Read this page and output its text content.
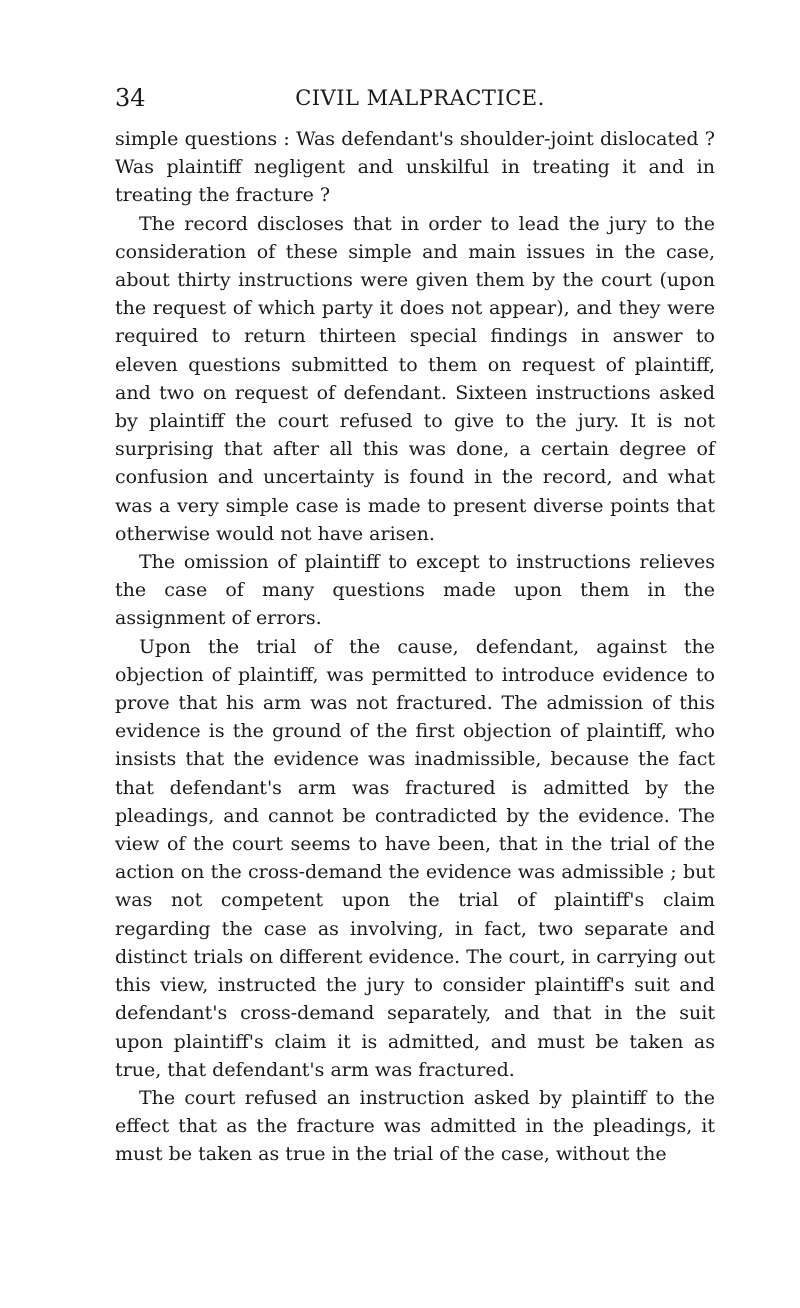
34	CIVIL MALPRACTICE.

simple questions : Was defendant's shoulder-joint dislocated ? Was plaintiff negligent and unskilful in treating it and in treating the fracture ?

The record discloses that in order to lead the jury to the consideration of these simple and main issues in the case, about thirty instructions were given them by the court (upon the request of which party it does not appear), and they were required to return thirteen special findings in answer to eleven questions submitted to them on request of plaintiff, and two on request of defendant. Sixteen instructions asked by plaintiff the court refused to give to the jury. It is not surprising that after all this was done, a certain degree of confusion and uncertainty is found in the record, and what was a very simple case is made to present diverse points that otherwise would not have arisen.

The omission of plaintiff to except to instructions relieves the case of many questions made upon them in the assignment of errors.

Upon the trial of the cause, defendant, against the objection of plaintiff, was permitted to introduce evidence to prove that his arm was not fractured. The admission of this evidence is the ground of the first objection of plaintiff, who insists that the evidence was inadmissible, because the fact that defendant's arm was fractured is admitted by the pleadings, and cannot be contradicted by the evidence. The view of the court seems to have been, that in the trial of the action on the cross-demand the evidence was admissible ; but was not competent upon the trial of plaintiff's claim regarding the case as involving, in fact, two separate and distinct trials on different evidence. The court, in carrying out this view, instructed the jury to consider plaintiff's suit and defendant's cross-demand separately, and that in the suit upon plaintiff's claim it is admitted, and must be taken as true, that defendant's arm was fractured.

The court refused an instruction asked by plaintiff to the effect that as the fracture was admitted in the pleadings, it must be taken as true in the trial of the case, without the
